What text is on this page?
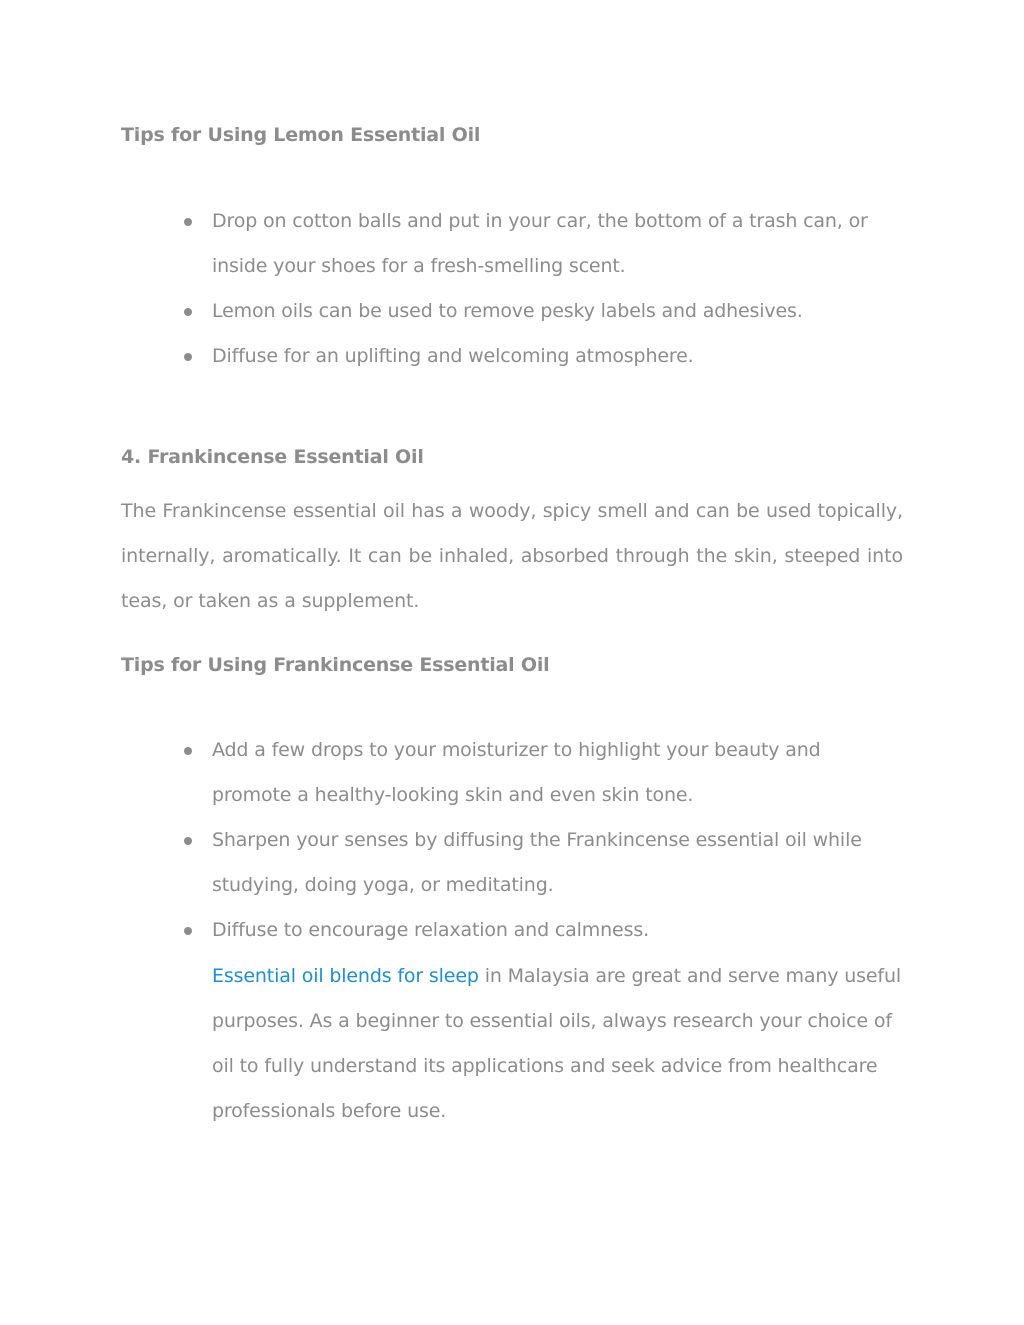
Tips for Using Lemon Essential Oil
Drop on cotton balls and put in your car, the bottom of a trash can, or inside your shoes for a fresh-smelling scent.
Lemon oils can be used to remove pesky labels and adhesives.
Diffuse for an uplifting and welcoming atmosphere.
4. Frankincense Essential Oil

The Frankincense essential oil has a woody, spicy smell and can be used topically, internally, aromatically. It can be inhaled, absorbed through the skin, steeped into teas, or taken as a supplement.

Tips for Using Frankincense Essential Oil
Add a few drops to your moisturizer to highlight your beauty and promote a healthy-looking skin and even skin tone.
Sharpen your senses by diffusing the Frankincense essential oil while studying, doing yoga, or meditating.
Diffuse to encourage relaxation and calmness.

Essential oil blends for sleep in Malaysia are great and serve many useful purposes. As a beginner to essential oils, always research your choice of oil to fully understand its applications and seek advice from healthcare professionals before use.
